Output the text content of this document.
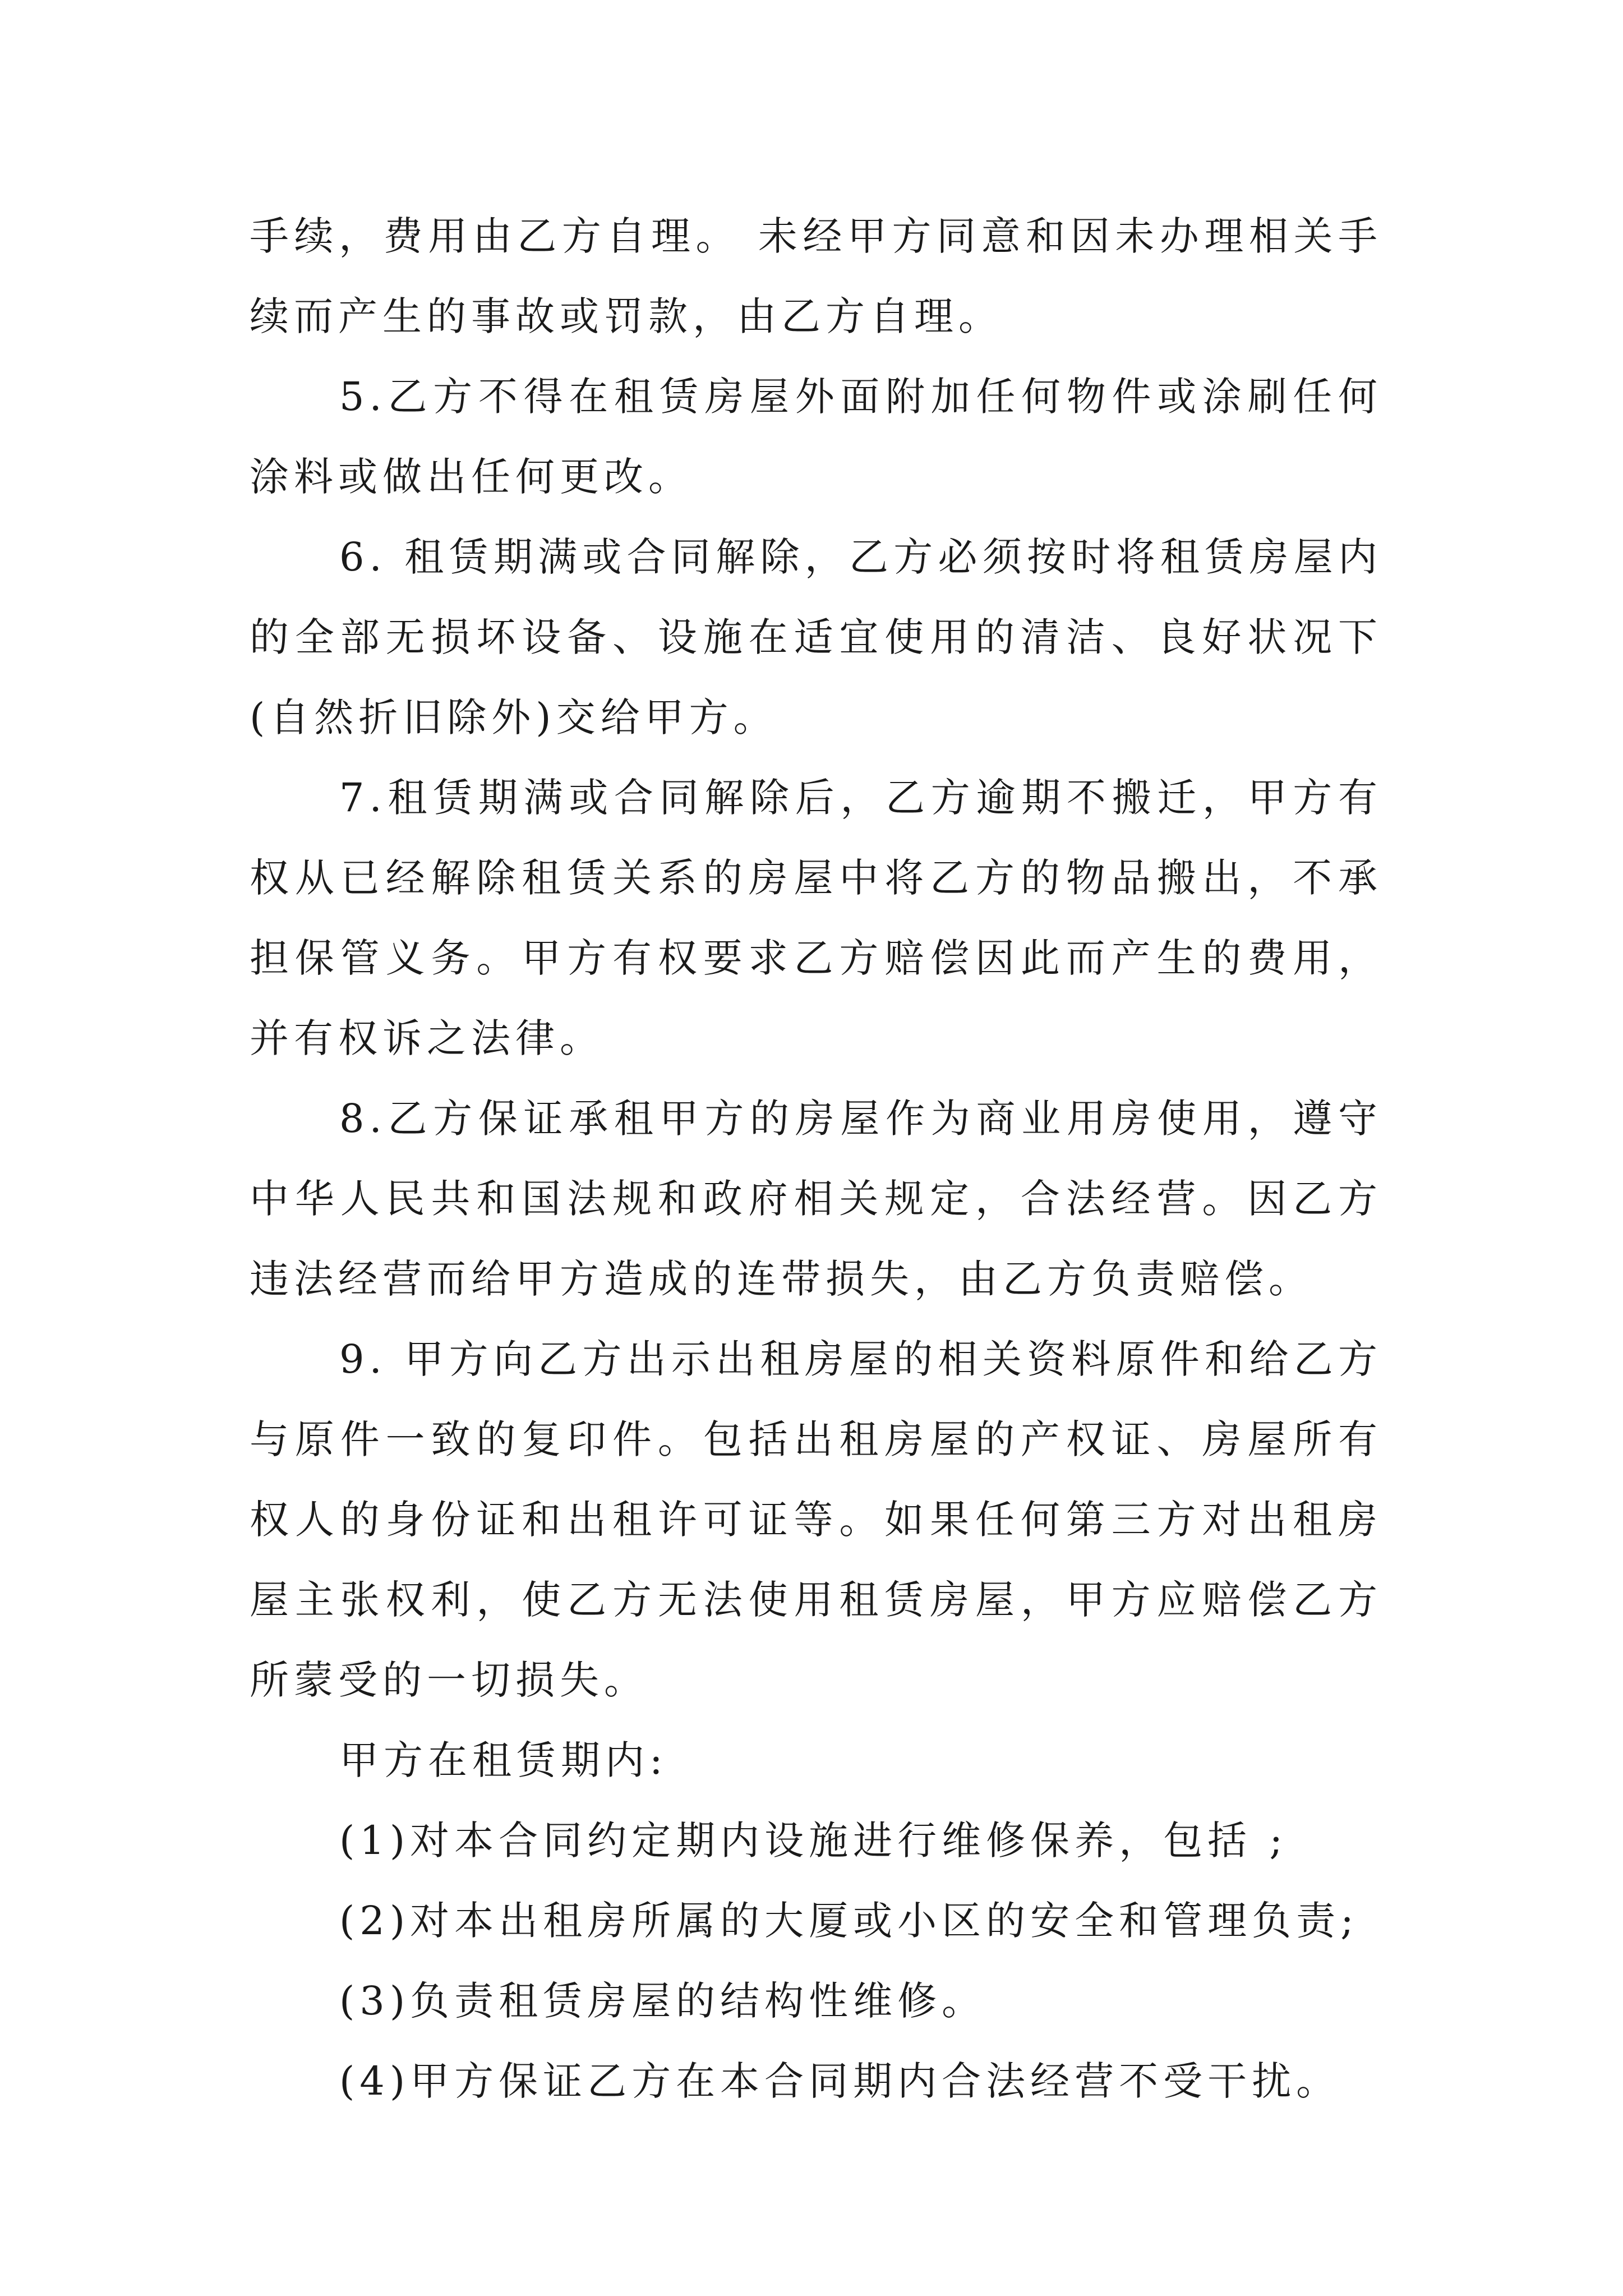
手续，费用由乙方自理。 未经甲方同意和因未办理相关手续而产生的事故或罚款，由乙方自理。

5.乙方不得在租赁房屋外面附加任何物件或涂刷任何涂料或做出任何更改。

6. 租赁期满或合同解除，乙方必须按时将租赁房屋内的全部无损坏设备、设施在适宜使用的清洁、良好状况下(自然折旧除外)交给甲方。

7.租赁期满或合同解除后，乙方逾期不搬迁，甲方有权从已经解除租赁关系的房屋中将乙方的物品搬出，不承担保管义务。甲方有权要求乙方赔偿因此而产生的费用，并有权诉之法律。

8.乙方保证承租甲方的房屋作为商业用房使用，遵守中华人民共和国法规和政府相关规定，合法经营。因乙方违法经营而给甲方造成的连带损失，由乙方负责赔偿。

9. 甲方向乙方出示出租房屋的相关资料原件和给乙方与原件一致的复印件。包括出租房屋的产权证、房屋所有权人的身份证和出租许可证等。如果任何第三方对出租房屋主张权利，使乙方无法使用租赁房屋，甲方应赔偿乙方所蒙受的一切损失。

甲方在租赁期内:

(1)对本合同约定期内设施进行维修保养，包括 ;

(2)对本出租房所属的大厦或小区的安全和管理负责;

(3)负责租赁房屋的结构性维修。

(4)甲方保证乙方在本合同期内合法经营不受干扰。
